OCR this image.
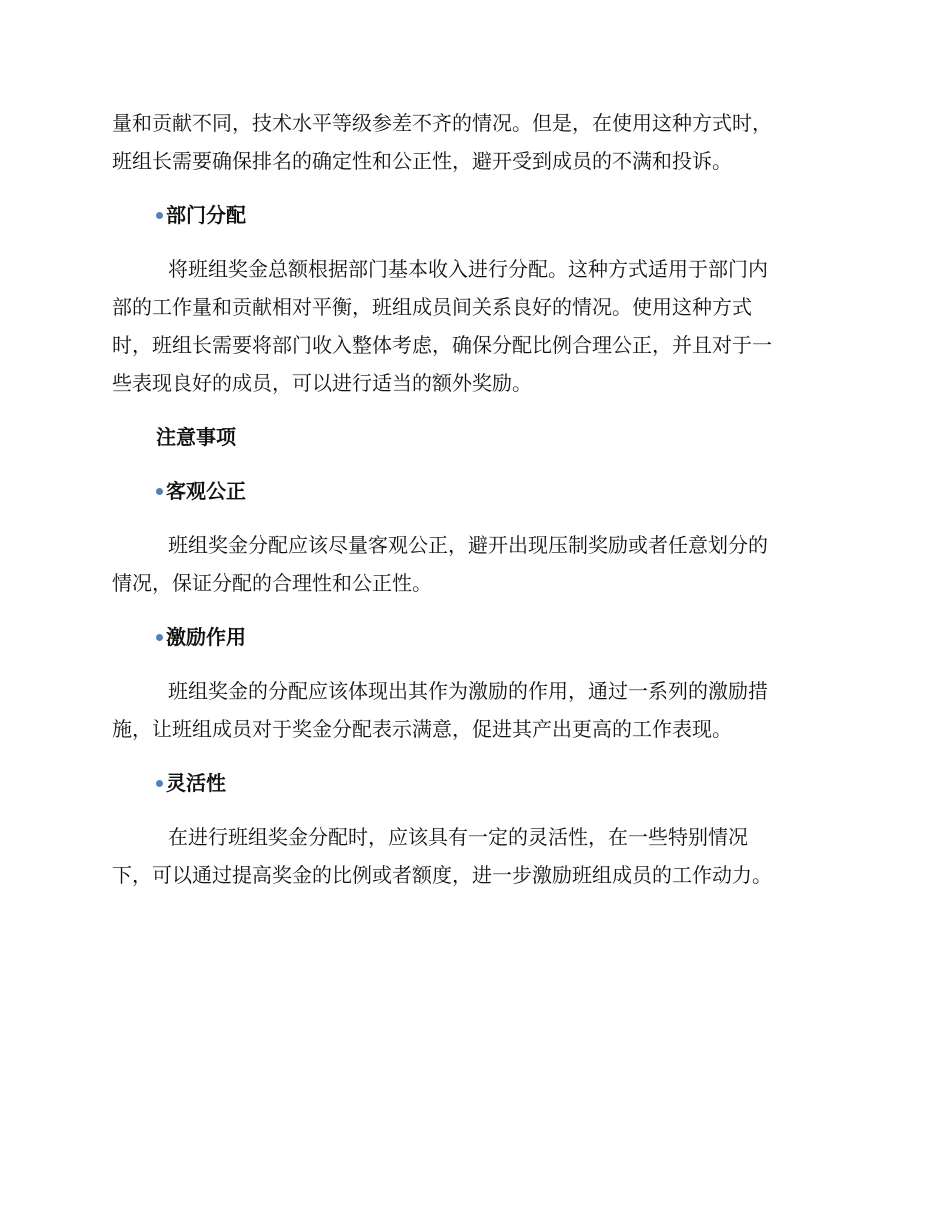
量和贡献不同，技术水平等级参差不齐的情况。但是，在使用这种方式时，
班组长需要确保排名的确定性和公正性，避开受到成员的不满和投诉。
部门分配
将班组奖金总额根据部门基本收入进行分配。这种方式适用于部门内
部的工作量和贡献相对平衡，班组成员间关系良好的情况。使用这种方式
时，班组长需要将部门收入整体考虑，确保分配比例合理公正，并且对于一
些表现良好的成员，可以进行适当的额外奖励。
注意事项
客观公正
班组奖金分配应该尽量客观公正，避开出现压制奖励或者任意划分的
情况，保证分配的合理性和公正性。
激励作用
班组奖金的分配应该体现出其作为激励的作用，通过一系列的激励措
施，让班组成员对于奖金分配表示满意，促进其产出更高的工作表现。
灵活性
在进行班组奖金分配时，应该具有一定的灵活性，在一些特别情况
下，可以通过提高奖金的比例或者额度，进一步激励班组成员的工作动力。
